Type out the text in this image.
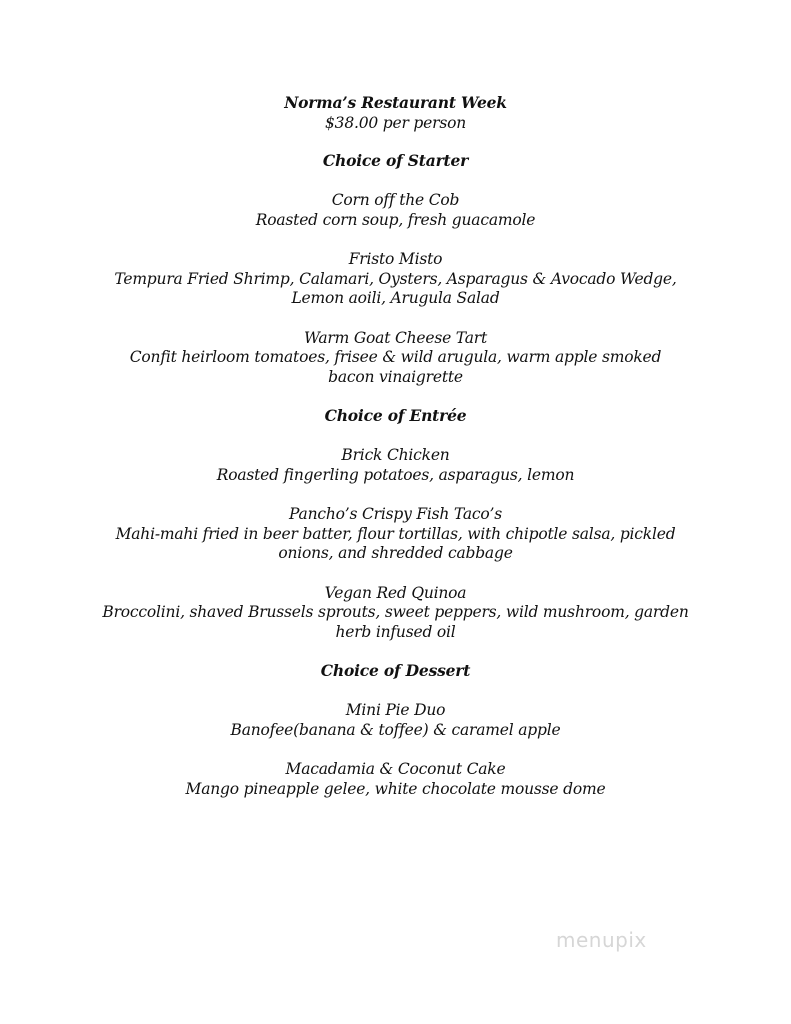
Norma’s Restaurant Week
$38.00 per person
Choice of Starter
Corn off the Cob
Roasted corn soup, fresh guacamole
Fristo Misto
Tempura Fried Shrimp, Calamari, Oysters, Asparagus & Avocado Wedge,
Lemon aoili, Arugula Salad
Warm Goat Cheese Tart
Confit heirloom tomatoes, frisee & wild arugula, warm apple smoked
bacon vinaigrette
Choice of Entrée
Brick Chicken
Roasted fingerling potatoes, asparagus, lemon
Pancho’s Crispy Fish Taco’s
Mahi-mahi fried in beer batter, flour tortillas, with chipotle salsa, pickled
onions, and shredded cabbage
Vegan Red Quinoa
Broccolini, shaved Brussels sprouts, sweet peppers, wild mushroom, garden
herb infused oil
Choice of Dessert
Mini Pie Duo
Banofee(banana & toffee) & caramel apple
Macadamia & Coconut Cake
Mango pineapple gelee, white chocolate mousse dome
menupix
